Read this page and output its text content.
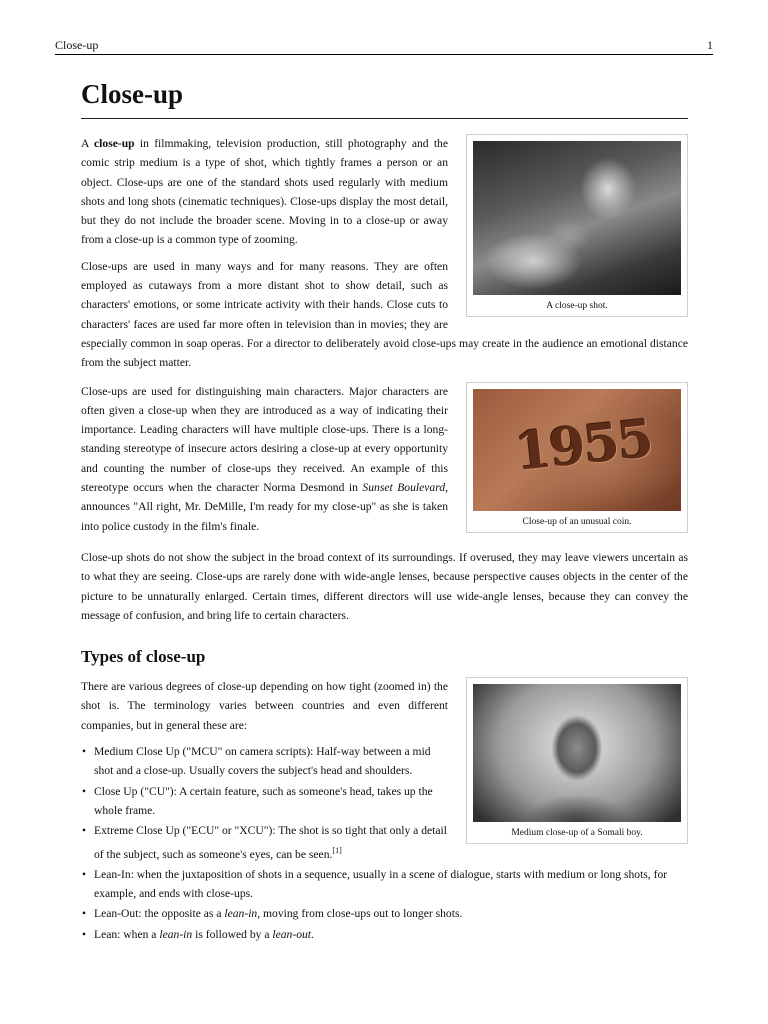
Close-up	1
Close-up
A close-up shot.

A close-up in filmmaking, television production, still photography and the comic strip medium is a type of shot, which tightly frames a person or an object. Close-ups are one of the standard shots used regularly with medium shots and long shots (cinematic techniques). Close-ups display the most detail, but they do not include the broader scene. Moving in to a close-up or away from a close-up is a common type of zooming.

Close-ups are used in many ways and for many reasons. They are often employed as cutaways from a more distant shot to show detail, such as characters' emotions, or some intricate activity with their hands. Close cuts to characters' faces are used far more often in television than in movies; they are especially common in soap operas. For a director to deliberately avoid close-ups may create in the audience an emotional distance from the subject matter.

1955
Close-up of an unusual coin.

Close-ups are used for distinguishing main characters. Major characters are often given a close-up when they are introduced as a way of indicating their importance. Leading characters will have multiple close-ups. There is a long-standing stereotype of insecure actors desiring a close-up at every opportunity and counting the number of close-ups they received. An example of this stereotype occurs when the character Norma Desmond in Sunset Boulevard, announces "All right, Mr. DeMille, I'm ready for my close-up" as she is taken into police custody in the film's finale.

Close-up shots do not show the subject in the broad context of its surroundings. If overused, they may leave viewers uncertain as to what they are seeing. Close-ups are rarely done with wide-angle lenses, because perspective causes objects in the center of the picture to be unnaturally enlarged. Certain times, different directors will use wide-angle lenses, because they can convey the message of confusion, and bring life to certain characters.

Types of close-up
Medium close-up of a Somali boy.

There are various degrees of close-up depending on how tight (zoomed in) the shot is. The terminology varies between countries and even different companies, but in general these are:

• Medium Close Up ("MCU" on camera scripts): Half-way between a mid shot and a close-up. Usually covers the subject's head and shoulders.
• Close Up ("CU"): A certain feature, such as someone's head, takes up the whole frame.
• Extreme Close Up ("ECU" or "XCU"): The shot is so tight that only a detail of the subject, such as someone's eyes, can be seen.[1]
• Lean-In: when the juxtaposition of shots in a sequence, usually in a scene of dialogue, starts with medium or long shots, for example, and ends with close-ups.
• Lean-Out: the opposite as a lean-in, moving from close-ups out to longer shots.
• Lean: when a lean-in is followed by a lean-out.
